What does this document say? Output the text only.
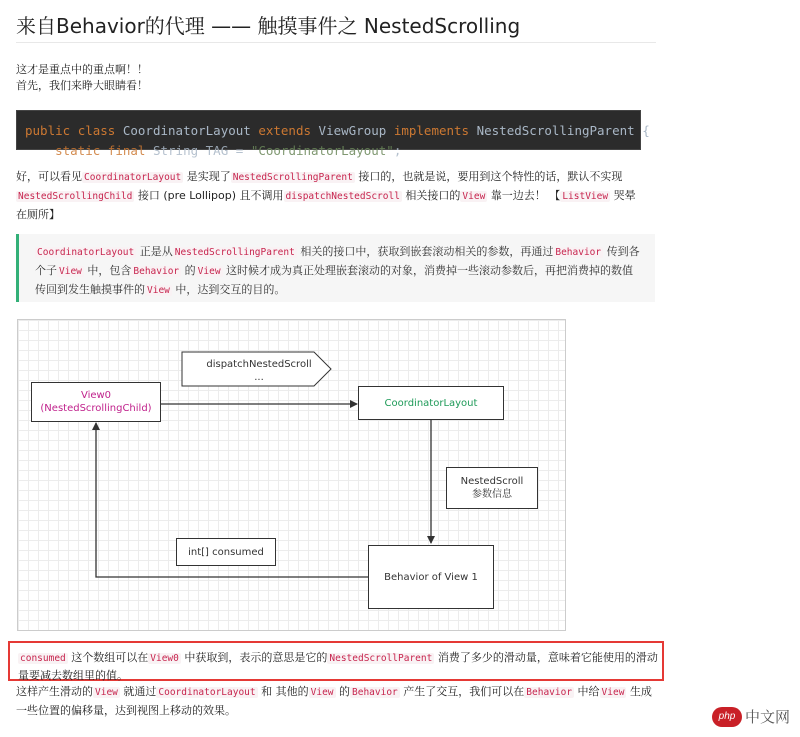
来自Behavior的代理 —— 触摸事件之 NestedScrolling
这才是重点中的重点啊！！
首先，我们来睁大眼睛看！
public class CoordinatorLayout extends ViewGroup implements NestedScrollingParent {
static final String TAG = "CoordinatorLayout";
好，可以看见 CoordinatorLayout 是实现了 NestedScrollingParent 接口的，也就是说，要用到这个特性的话，默认不实现
NestedScrollingChild 接口 (pre Lollipop) 且不调用 dispatchNestedScroll 相关接口的 View 靠一边去！ 【 ListView 哭晕在厕所】
CoordinatorLayout 正是从 NestedScrollingParent 相关的接口中，获取到嵌套滚动相关的参数，再通过 Behavior 传到各个子 View 中，包含 Behavior 的 View 这时候才成为真正处理嵌套滚动的对象，消费掉一些滚动参数后，再把消费掉的数值传回到发生触摸事件的 View 中，达到交互的目的。
dispatchNestedScroll
...
View0
(NestedScrollingChild)	CoordinatorLayout
NestedScroll
参数信息
int[] consumed
Behavior of View 1
consumed 这个数组可以在 View0 中获取到，表示的意思是它的 NestedScrollParent 消费了多少的滑动量，意味着它能使用的滑动量要减去数组里的值。
这样产生滑动的 View 就通过 CoordinatorLayout 和 其他的 View 的 Behavior 产生了交互，我们可以在 Behavior 中给 View 生成一些位置的偏移量，达到视图上移动的效果。	php 中文网
